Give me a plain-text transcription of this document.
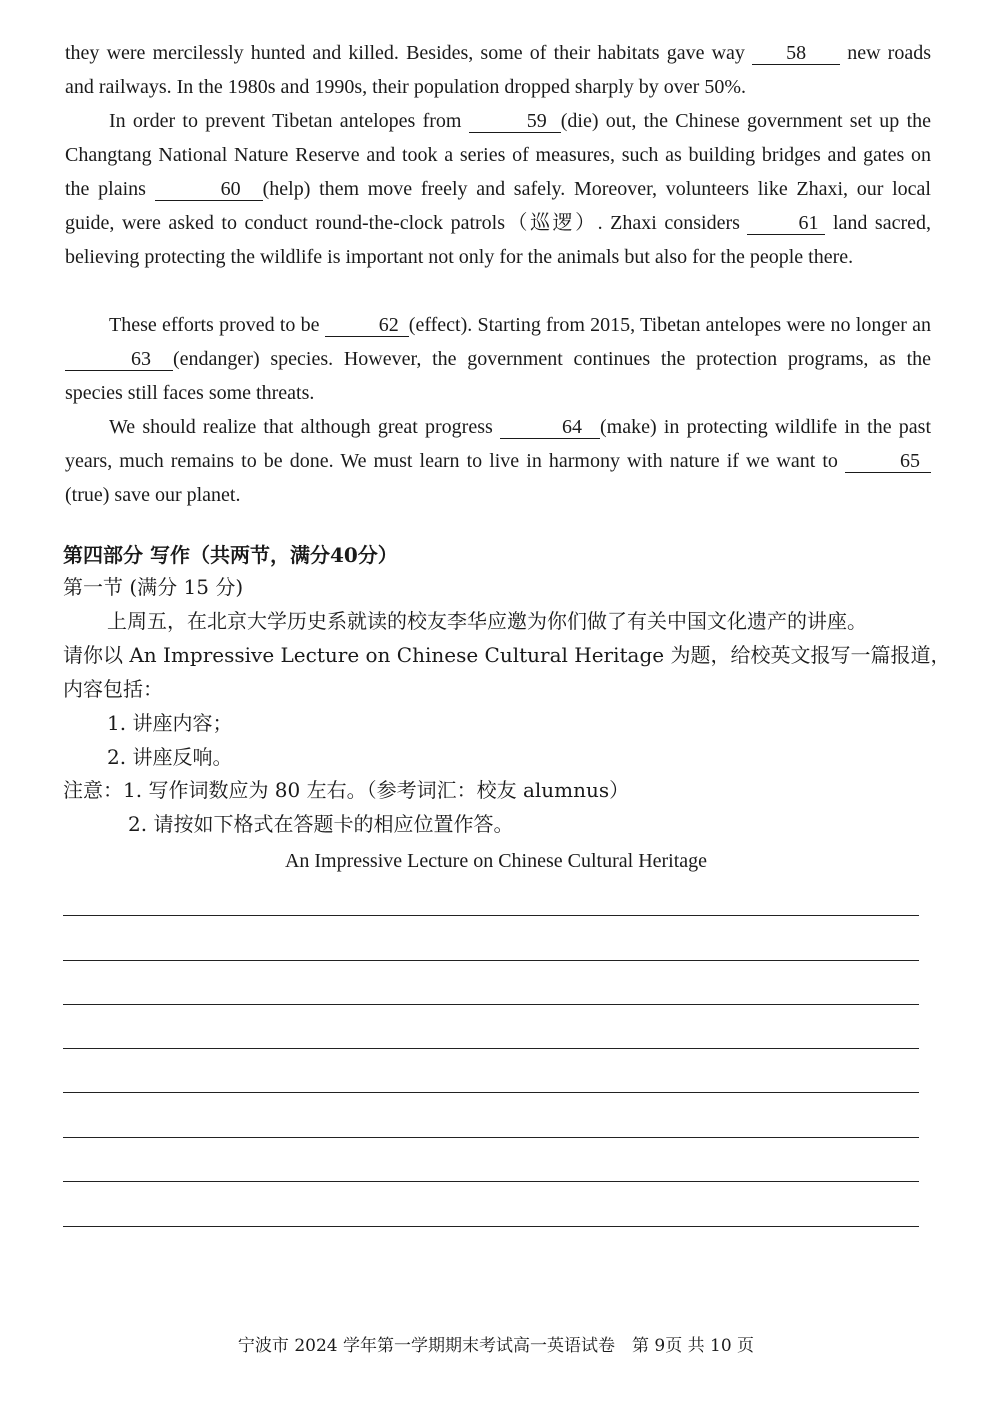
they were mercilessly hunted and killed. Besides, some of their habitats gave way 58 new roads and railways. In the 1980s and 1990s, their population dropped sharply by over 50%.

In order to prevent Tibetan antelopes from	59 (die) out, the Chinese government set up the Changtang National Nature Reserve and took a series of measures, such as building bridges and gates on the plains	60 (help) them move freely and safely. Moreover, volunteers like Zhaxi, our local guide, were asked to conduct round-the-clock patrols（巡逻）. Zhaxi considers	61 land sacred, believing protecting the wildlife is important not only for the animals but also for the people there.

These efforts proved to be	62 (effect). Starting from 2015, Tibetan antelopes were no longer an 63 (endanger) species. However, the government continues the protection programs, as the species still faces some threats.

We should realize that although great progress	64 (make) in protecting wildlife in the past years, much remains to be done. We must learn to live in harmony with nature if we want to	65(true) save our planet.

第四部分 写作（共两节，满分40分）

第一节 (满分 15 分)

上周五，在北京大学历史系就读的校友李华应邀为你们做了有关中国文化遗产的讲座。

请你以 An Impressive Lecture on Chinese Cultural Heritage 为题，给校英文报写一篇报道，

内容包括：

1. 讲座内容；

2. 讲座反响。

注意：1. 写作词数应为 80 左右。（参考词汇：校友 alumnus）

2. 请按如下格式在答题卡的相应位置作答。

An Impressive Lecture on Chinese Cultural Heritage
宁波市 2024 学年第一学期期末考试高一英语试卷　第 9页 共 10 页
